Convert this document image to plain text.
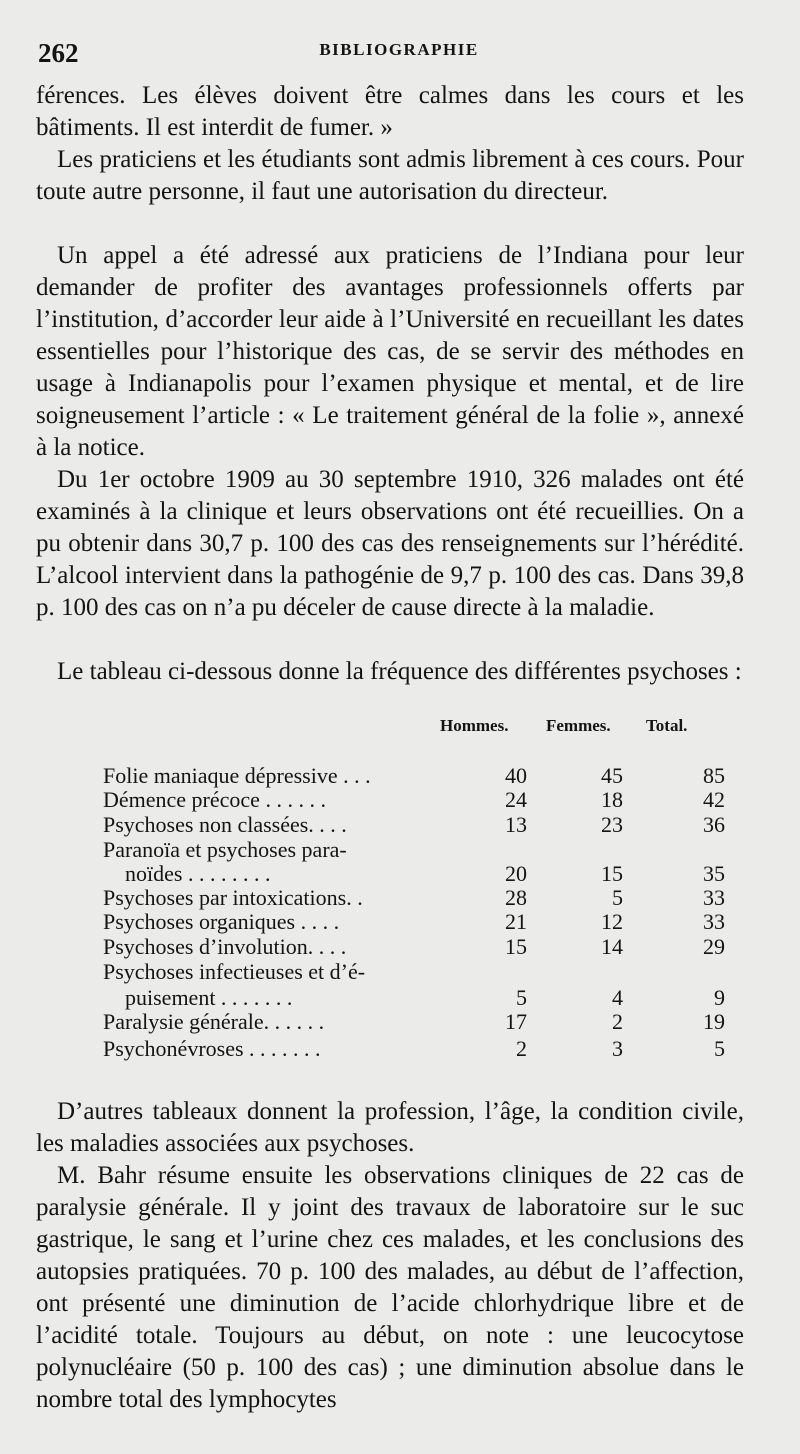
262	BIBLIOGRAPHIE

férences. Les élèves doivent être calmes dans les cours et les bâtiments. Il est interdit de fumer. »

Les praticiens et les étudiants sont admis librement à ces cours. Pour toute autre personne, il faut une autorisation du directeur.

Un appel a été adressé aux praticiens de l’Indiana pour leur demander de profiter des avantages professionnels offerts par l’institution, d’accorder leur aide à l’Université en recueillant les dates essentielles pour l’historique des cas, de se servir des méthodes en usage à Indianapolis pour l’examen physique et mental, et de lire soigneusement l’article : « Le traitement général de la folie », annexé à la notice.

Du 1er octobre 1909 au 30 septembre 1910, 326 malades ont été examinés à la clinique et leurs observations ont été recueillies. On a pu obtenir dans 30,7 p. 100 des cas des renseignements sur l’hérédité. L’alcool intervient dans la pathogénie de 9,7 p. 100 des cas. Dans 39,8 p. 100 des cas on n’a pu déceler de cause directe à la maladie.

Le tableau ci-dessous donne la fréquence des différentes psychoses :

Hommes. Femmes. Total.
Folie maniaque dépressive . . .	40	45	85
Démence précoce . . . . . .	24	18	42
Psychoses non classées. . . .	13	23	36
Paranoïa et psychoses para-
noïdes . . . . . . . .	20	15	35
Psychoses par intoxications. .	28	5	33
Psychoses organiques . . . .	21	12	33
Psychoses d’involution. . . .	15	14	29
Psychoses infectieuses et d’é-
puisement . . . . . . .	5	4	9
Paralysie générale. . . . . .	17	2	19
Psychonévroses . . . . . . .	2	3	5

D’autres tableaux donnent la profession, l’âge, la condition civile, les maladies associées aux psychoses.

M. Bahr résume ensuite les observations cliniques de 22 cas de paralysie générale. Il y joint des travaux de laboratoire sur le suc gastrique, le sang et l’urine chez ces malades, et les conclusions des autopsies pratiquées. 70 p. 100 des malades, au début de l’affection, ont présenté une diminution de l’acide chlorhydrique libre et de l’acidité totale. Toujours au début, on note : une leucocytose polynucléaire (50 p. 100 des cas) ; une diminution absolue dans le nombre total des lymphocytes
